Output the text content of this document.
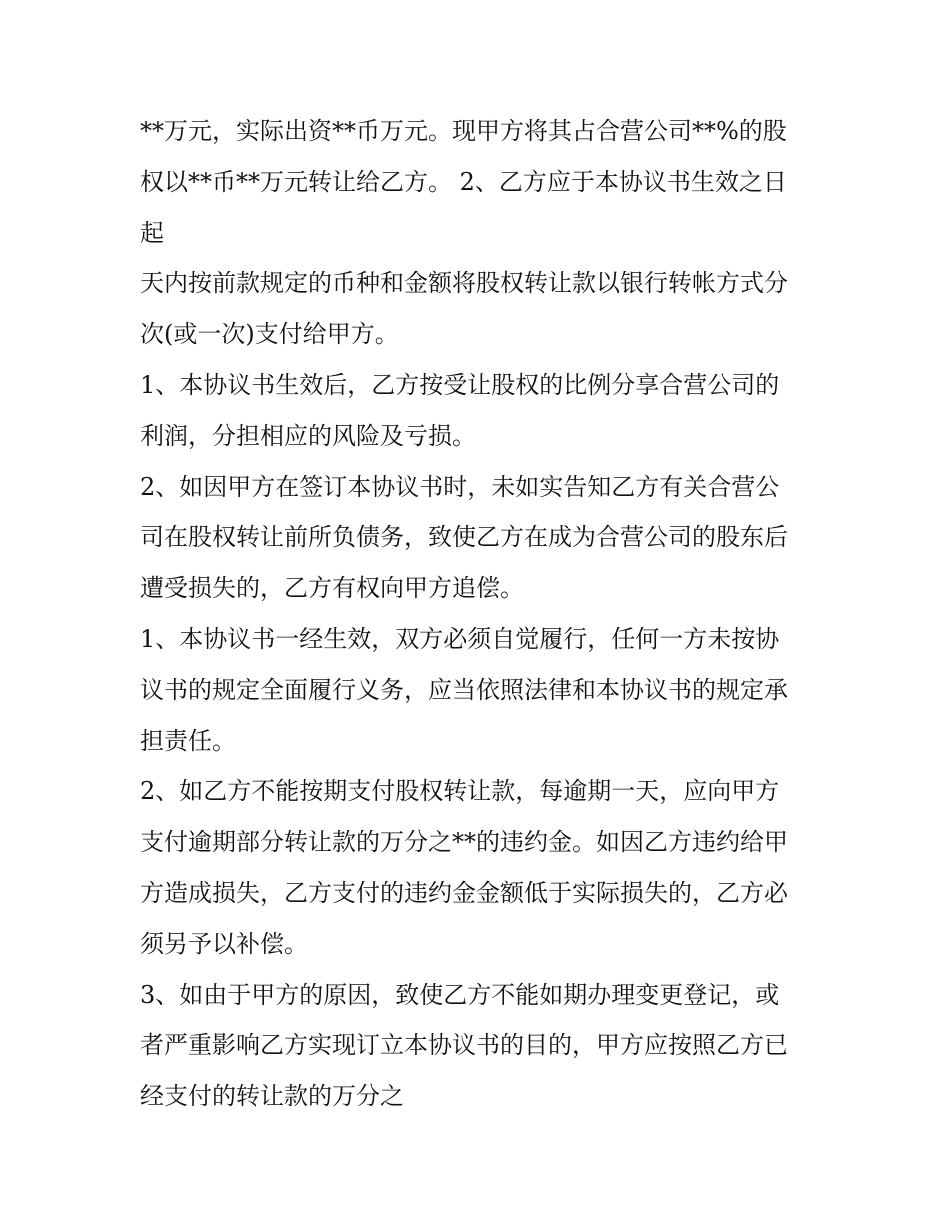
**万元，实际出资**币万元。现甲方将其占合营公司**%的股
权以**币**万元转让给乙方。 2、乙方应于本协议书生效之日
起
天内按前款规定的币种和金额将股权转让款以银行转帐方式分
次(或一次)支付给甲方。
1、本协议书生效后，乙方按受让股权的比例分享合营公司的
利润，分担相应的风险及亏损。
2、如因甲方在签订本协议书时，未如实告知乙方有关合营公
司在股权转让前所负债务，致使乙方在成为合营公司的股东后
遭受损失的，乙方有权向甲方追偿。
1、本协议书一经生效，双方必须自觉履行，任何一方未按协
议书的规定全面履行义务，应当依照法律和本协议书的规定承
担责任。
2、如乙方不能按期支付股权转让款，每逾期一天，应向甲方
支付逾期部分转让款的万分之**的违约金。如因乙方违约给甲
方造成损失，乙方支付的违约金金额低于实际损失的，乙方必
须另予以补偿。
3、如由于甲方的原因，致使乙方不能如期办理变更登记，或
者严重影响乙方实现订立本协议书的目的，甲方应按照乙方已
经支付的转让款的万分之
